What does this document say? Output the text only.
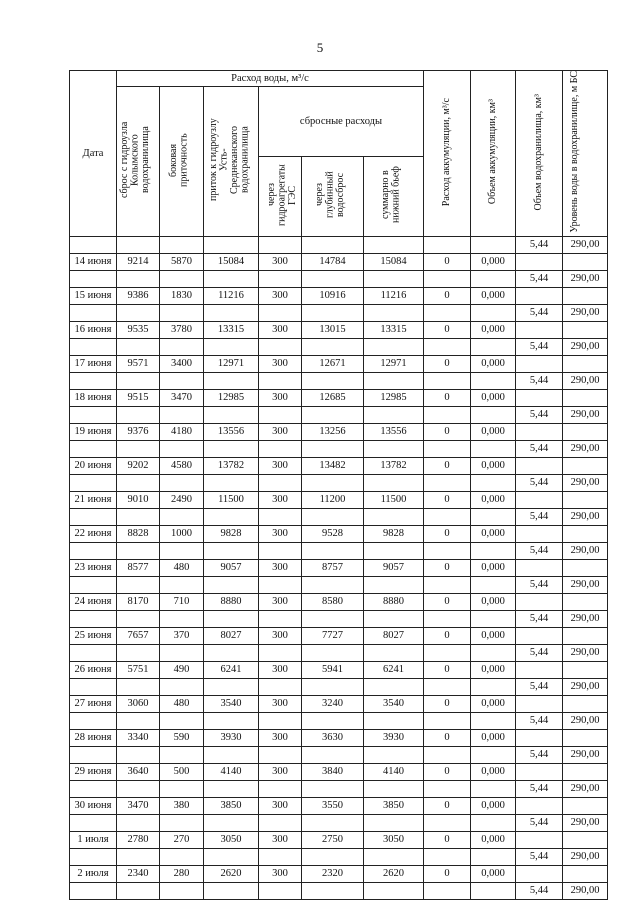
5
Дата	Расход воды, м³/с						Расход аккумуляции, м³/с	Объем аккумуляции, км³	Объем водохранилища, км³	Уровень воды в водохранилище, м БС
	сброс с гидроузла Колымского водохранилища	боковая приточность	приток к гидроузлу Усть-Среднеканского водохранилища	сбросные расходы						
				через гидроагрегаты ГЭС	через глубинный водосброс	суммарно в нижний бьеф				
									5,44	290,00
14 июня	9214	5870	15084	300	14784	15084	0	0,000		
									5,44	290,00
15 июня	9386	1830	11216	300	10916	11216	0	0,000		
									5,44	290,00
16 июня	9535	3780	13315	300	13015	13315	0	0,000		
									5,44	290,00
17 июня	9571	3400	12971	300	12671	12971	0	0,000		
									5,44	290,00
18 июня	9515	3470	12985	300	12685	12985	0	0,000		
									5,44	290,00
19 июня	9376	4180	13556	300	13256	13556	0	0,000		
									5,44	290,00
20 июня	9202	4580	13782	300	13482	13782	0	0,000		
									5,44	290,00
21 июня	9010	2490	11500	300	11200	11500	0	0,000		
									5,44	290,00
22 июня	8828	1000	9828	300	9528	9828	0	0,000		
									5,44	290,00
23 июня	8577	480	9057	300	8757	9057	0	0,000		
									5,44	290,00
24 июня	8170	710	8880	300	8580	8880	0	0,000		
									5,44	290,00
25 июня	7657	370	8027	300	7727	8027	0	0,000		
									5,44	290,00
26 июня	5751	490	6241	300	5941	6241	0	0,000		
									5,44	290,00
27 июня	3060	480	3540	300	3240	3540	0	0,000		
									5,44	290,00
28 июня	3340	590	3930	300	3630	3930	0	0,000		
									5,44	290,00
29 июня	3640	500	4140	300	3840	4140	0	0,000		
									5,44	290,00
30 июня	3470	380	3850	300	3550	3850	0	0,000		
									5,44	290,00
1 июля	2780	270	3050	300	2750	3050	0	0,000		
									5,44	290,00
2 июля	2340	280	2620	300	2320	2620	0	0,000		
									5,44	290,00
